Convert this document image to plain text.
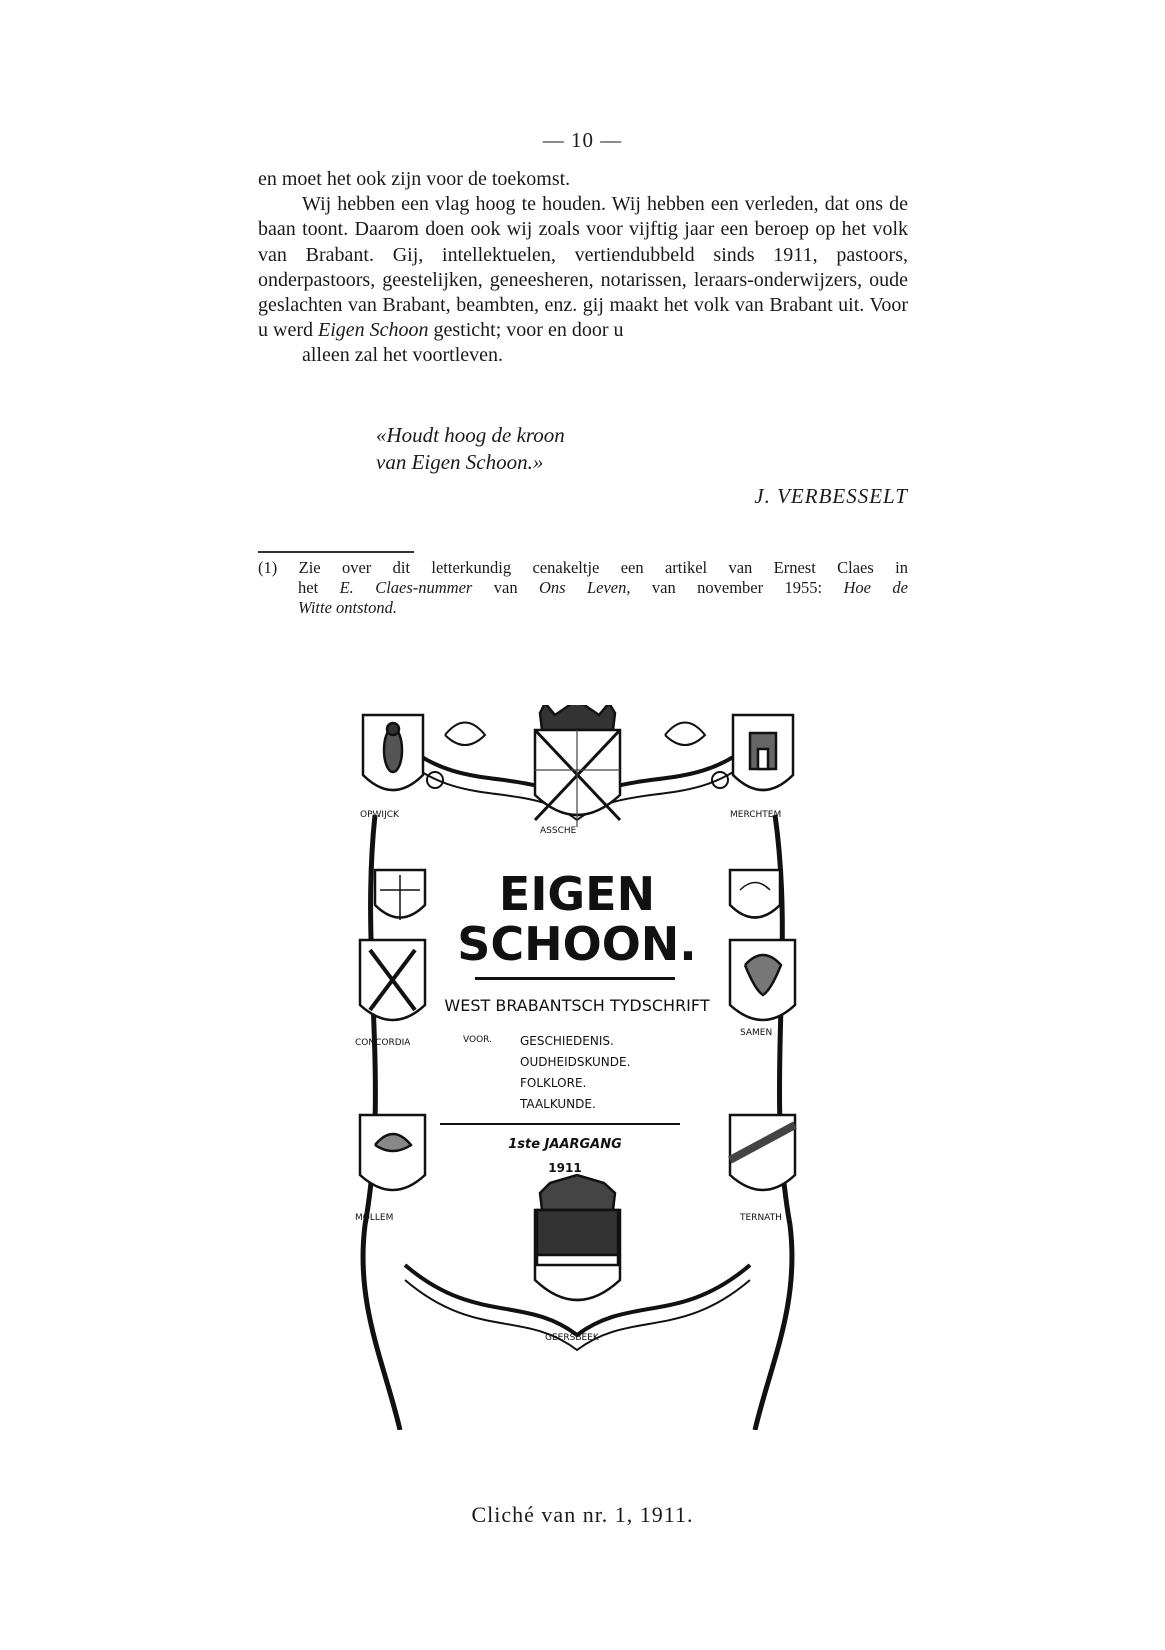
— 10 —

en moet het ook zijn voor de toekomst.

Wij hebben een vlag hoog te houden. Wij hebben een verleden, dat ons de baan toont. Daarom doen ook wij zoals voor vijftig jaar een beroep op het volk van Brabant. Gij, intellektuelen, vertiendubbeld sinds 1911, pastoors, onderpastoors, geestelijken, geneesheren, notarissen, leraars-onderwijzers, oude geslachten van Brabant, beambten, enz. gij maakt het volk van Brabant uit. Voor u werd Eigen Schoon gesticht; voor en door u
alleen zal het voortleven.

«Houdt hoog de kroon
van Eigen Schoon.»
J. VERBESSELT
(1) Zie over dit letterkundig cenakeltje een artikel van Ernest Claes in
het E. Claes-nummer van Ons Leven, van november 1955: Hoe de
Witte ontstond.
OPWIJCK
ASSCHE
MERCHTEM
CONCORDIA
SAMEN
MOLLEM	TERNATH
GEERSBEEK
EIGEN
SCHOON.
WEST BRABANTSCH TYDSCHRIFT
VOOR. GESCHIEDENIS.
OUDHEIDSKUNDE.
FOLKLORE.
TAALKUNDE.
1ste JAARGANG
1911
Cliché van nr. 1, 1911.
